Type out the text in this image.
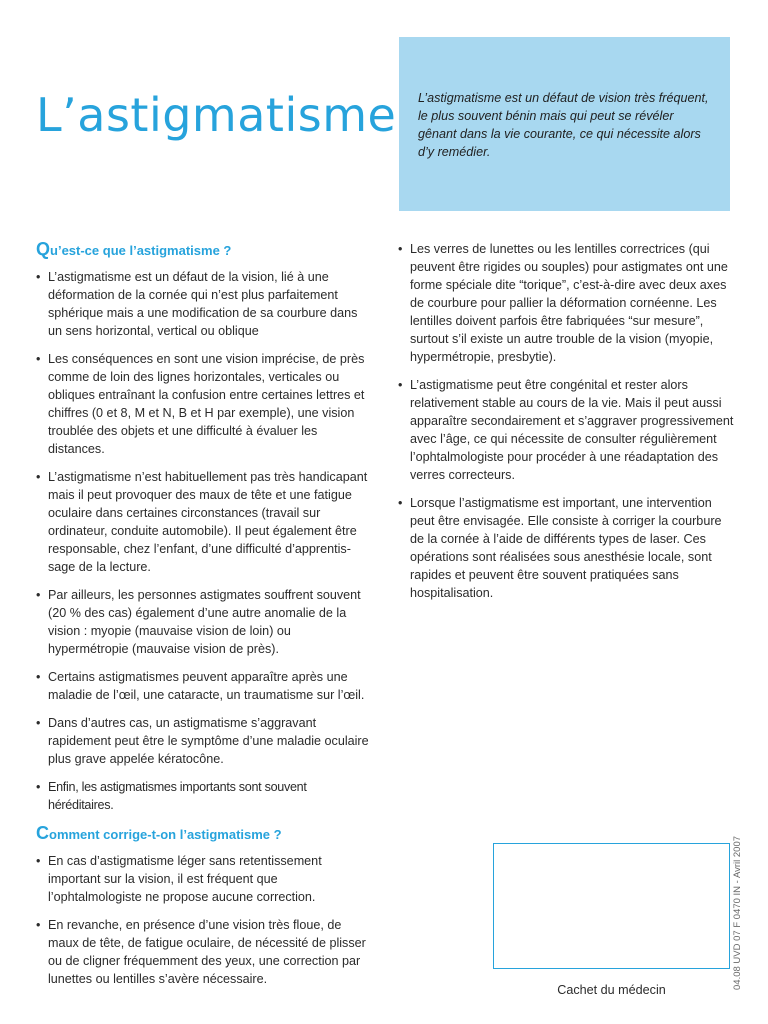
L’astigmatisme L’astigmatisme est un défaut de vision très fréquent, le plus souvent bénin mais qui peut se révéler gênant dans la vie courante, ce qui nécessite alors d’y remédier.
Qu’est-ce que l’astigmatisme ?
• L’astigmatisme est un défaut de la vision, lié à une déformation de la cornée qui n’est plus parfaitement sphérique mais a une modification de sa courbure dans un sens horizontal, vertical ou oblique
• Les conséquences en sont une vision imprécise, de près comme de loin des lignes horizontales, verticales ou obliques entraînant la confusion entre certaines lettres et chiffres (0 et 8, M et N, B et H par exemple), une vision troublée des objets et une difficulté à évaluer les distances.
• L’astigmatisme n’est habituellement pas très handicapant mais il peut provoquer des maux de tête et une fatigue oculaire dans certaines circonstances (travail sur ordinateur, conduite automobile). Il peut également être responsable, chez l’enfant, d’une difficulté d’apprentis-sage de la lecture.
• Par ailleurs, les personnes astigmates souffrent souvent (20 % des cas) également d’une autre anomalie de la vision : myopie (mauvaise vision de loin) ou hypermétropie (mauvaise vision de près).
• Certains astigmatismes peuvent apparaître après une maladie de l’œil, une cataracte, un traumatisme sur l’œil.
• Dans d’autres cas, un astigmatisme s’aggravant rapidement peut être le symptôme d’une maladie oculaire plus grave appelée kératocône.
• Enfin, les astigmatismes importants sont souvent héréditaires.
Comment corrige-t-on l’astigmatisme ?
• En cas d’astigmatisme léger sans retentissement important sur la vision, il est fréquent que l’ophtalmologiste ne propose aucune correction.
• En revanche, en présence d’une vision très floue, de maux de tête, de fatigue oculaire, de nécessité de plisser ou de cligner fréquemment des yeux, une correction par lunettes ou lentilles s’avère nécessaire.
• Les verres de lunettes ou les lentilles correctrices (qui peuvent être rigides ou souples) pour astigmates ont une forme spéciale dite “torique”, c’est-à-dire avec deux axes de courbure pour pallier la déformation cornéenne. Les lentilles doivent parfois être fabriquées “sur mesure”, surtout s’il existe un autre trouble de la vision (myopie, hypermétropie, presbytie).
• L’astigmatisme peut être congénital et rester alors relativement stable au cours de la vie. Mais il peut aussi apparaître secondairement et s’aggraver progressivement avec l’âge, ce qui nécessite de consulter régulièrement l’ophtalmologiste pour procéder à une réadaptation des verres correcteurs.
• Lorsque l’astigmatisme est important, une intervention peut être envisagée. Elle consiste à corriger la courbure de la cornée à l’aide de différents types de laser. Ces opérations sont réalisées sous anesthésie locale, sont rapides et peuvent être souvent pratiquées sans hospitalisation.
Cachet du médecin	04.08 UVD 07 F 0470 IN - Avril 2007
